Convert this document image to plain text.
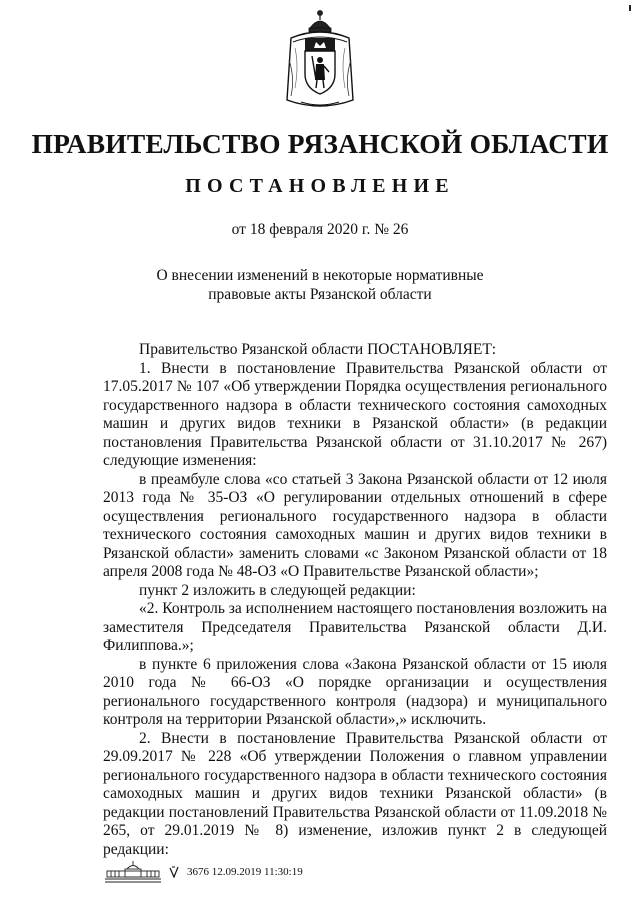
ПРАВИТЕЛЬСТВО РЯЗАНСКОЙ ОБЛАСТИ
ПОСТАНОВЛЕНИЕ
от 18 февраля 2020 г. № 26
О внесении изменений в некоторые нормативные
правовые акты Рязанской области

Правительство Рязанской области ПОСТАНОВЛЯЕТ:

1. Внести в постановление Правительства Рязанской области от 17.05.2017 № 107 «Об утверждении Порядка осуществления регионального государственного надзора в области технического состояния самоходных машин и других видов техники в Рязанской области» (в редакции постановления Правительства Рязанской области от 31.10.2017 № 267) следующие изменения:

в преамбуле слова «со статьей 3 Закона Рязанской области от 12 июля 2013 года № 35-ОЗ «О регулировании отдельных отношений в сфере осуществления регионального государственного надзора в области технического состояния самоходных машин и других видов техники в Рязанской области» заменить словами «с Законом Рязанской области от 18 апреля 2008 года № 48-ОЗ «О Правительстве Рязанской области»;

пункт 2 изложить в следующей редакции:

«2. Контроль за исполнением настоящего постановления возложить на заместителя Председателя Правительства Рязанской области Д.И. Филиппова.»;

в пункте 6 приложения слова «Закона Рязанской области от 15 июля 2010 года № 66-ОЗ «О порядке организации и осуществления регионального государственного контроля (надзора) и муниципального контроля на территории Рязанской области»,» исключить.

2. Внести в постановление Правительства Рязанской области от 29.09.2017 № 228 «Об утверждении Положения о главном управлении регионального государственного надзора в области технического состояния самоходных машин и других видов техники Рязанской области» (в редакции постановлений Правительства Рязанской области от 11.09.2018 № 265, от 29.01.2019 № 8) изменение, изложив пункт 2 в следующей редакции:

3676 12.09.2019 11:30:19
